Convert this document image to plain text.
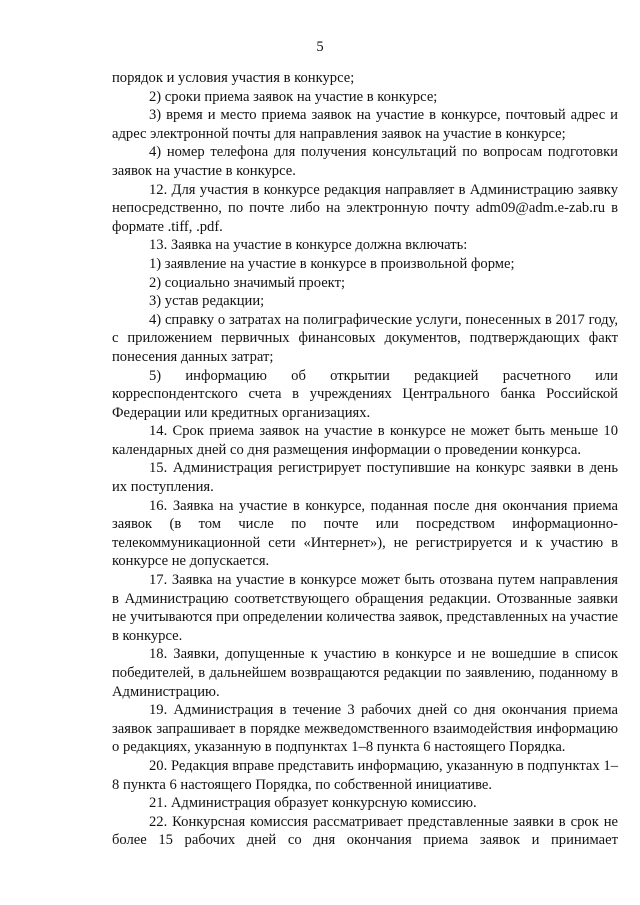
5

порядок и условия участия в конкурсе;

2) сроки приема заявок на участие в конкурсе;

3) время и место приема заявок на участие в конкурсе, почтовый адрес и адрес электронной почты для направления заявок на участие в конкурсе;

4) номер телефона для получения консультаций по вопросам подготовки заявок на участие в конкурсе.

12. Для участия в конкурсе редакция направляет в Администрацию заявку непосредственно, по почте либо на электронную почту adm09@adm.e-zab.ru в формате .tiff, .pdf.

13. Заявка на участие в конкурсе должна включать:

1) заявление на участие в конкурсе в произвольной форме;

2) социально значимый проект;

3) устав редакции;

4) справку о затратах на полиграфические услуги, понесенных в 2017 году, с приложением первичных финансовых документов, подтверждающих факт понесения данных затрат;

5) информацию об открытии редакцией расчетного или корреспондентского счета в учреждениях Центрального банка Российской Федерации или кредитных организациях.

14. Срок приема заявок на участие в конкурсе не может быть меньше 10 календарных дней со дня размещения информации о проведении конкурса.

15. Администрация регистрирует поступившие на конкурс заявки в день их поступления.

16. Заявка на участие в конкурсе, поданная после дня окончания приема заявок (в том числе по почте или посредством информационно-телекоммуникационной сети «Интернет»), не регистрируется и к участию в конкурсе не допускается.

17. Заявка на участие в конкурсе может быть отозвана путем направления в Администрацию соответствующего обращения редакции. Отозванные заявки не учитываются при определении количества заявок, представленных на участие в конкурсе.

18. Заявки, допущенные к участию в конкурсе и не вошедшие в список победителей, в дальнейшем возвращаются редакции по заявлению, поданному в Администрацию.

19. Администрация в течение 3 рабочих дней со дня окончания приема заявок запрашивает в порядке межведомственного взаимодействия информацию о редакциях, указанную в подпунктах 1–8 пункта 6 настоящего Порядка.

20. Редакция вправе представить информацию, указанную в подпунктах 1–8 пункта 6 настоящего Порядка, по собственной инициативе.

21. Администрация образует конкурсную комиссию.

22. Конкурсная комиссия рассматривает представленные заявки в срок не более 15 рабочих дней со дня окончания приема заявок и принимает
